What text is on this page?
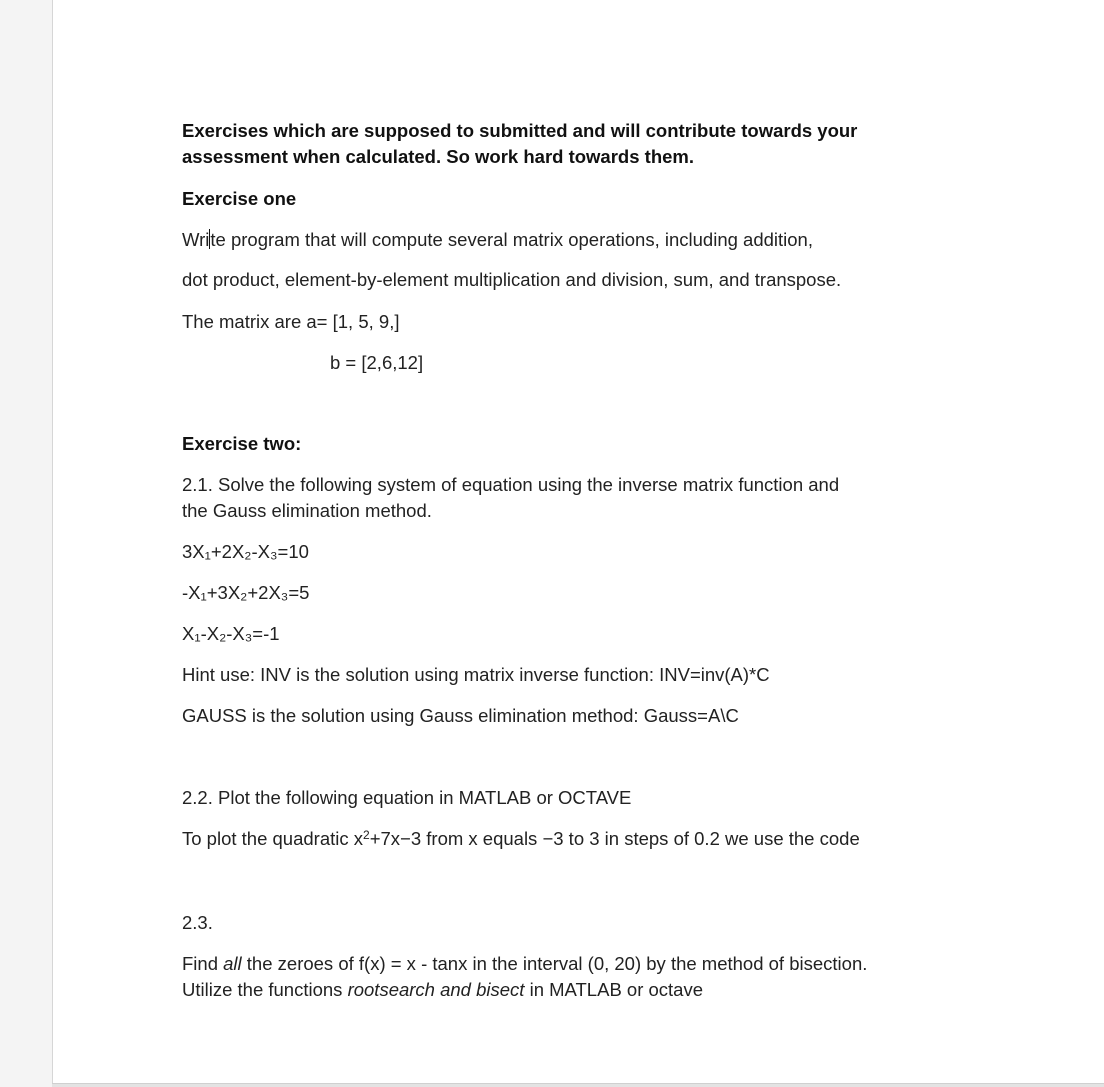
Exercises which are supposed to submitted and will contribute towards your

assessment when calculated. So work hard towards them.

Exercise one

Write program that will compute several matrix operations, including addition,

dot product, element-by-element multiplication and division, sum, and transpose.

The matrix are a= [1, 5, 9,]

b = [2,6,12]

Exercise two:

2.1. Solve the following system of equation using the inverse matrix function and

the Gauss elimination method.

3X₁+2X₂-X₃=10

-X₁+3X₂+2X₃=5

X₁-X₂-X₃=-1

Hint use: INV is the solution using matrix inverse function: INV=inv(A)*C

GAUSS is the solution using Gauss elimination method: Gauss=A\C

2.2. Plot the following equation in MATLAB or OCTAVE

To plot the quadratic $x^2+7x-3$ from x equals −3 to 3 in steps of 0.2 we use the code

2.3.

Find all the zeroes of f(x) = x - tanx in the interval (0, 20) by the method of bisection.

Utilize the functions rootsearch and bisect in MATLAB or octave
